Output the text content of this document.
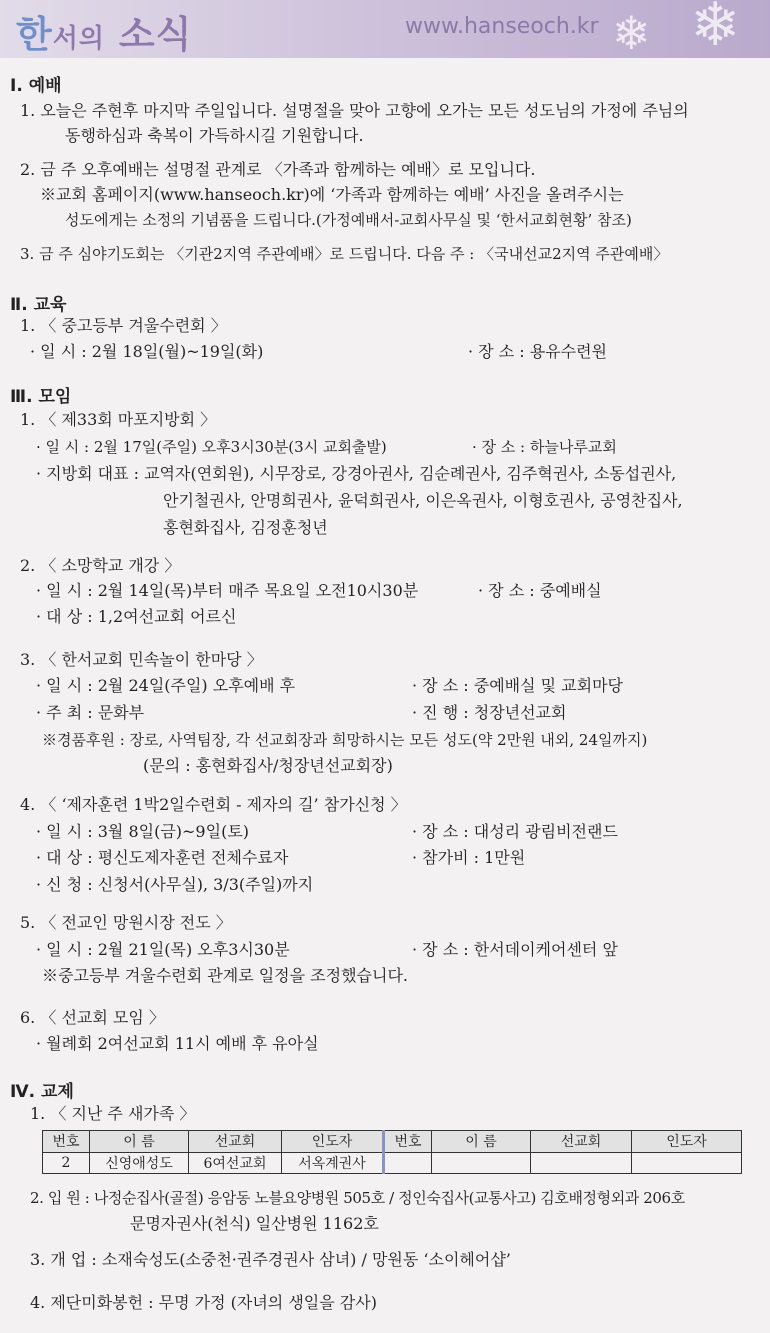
한서의 소식	www.hanseoch.kr ❄ ❄
Ⅰ. 예배
1. 오늘은 주현후 마지막 주일입니다. 설명절을 맞아 고향에 오가는 모든 성도님의 가정에 주님의
동행하심과 축복이 가득하시길 기원합니다.
2. 금 주 오후예배는 설명절 관계로 〈가족과 함께하는 예배〉로 모입니다.
※교회 홈페이지(www.hanseoch.kr)에 ‘가족과 함께하는 예배’ 사진을 올려주시는
성도에게는 소정의 기념품을 드립니다.(가정예배서-교회사무실 및 ‘한서교회현황’ 참조)
3. 금 주 심야기도회는 〈기관2지역 주관예배〉로 드립니다. 다음 주 : 〈국내선교2지역 주관예배〉
Ⅱ. 교육
1. 〈 중고등부 겨울수련회 〉
· 일 시 : 2월 18일(월)~19일(화)	· 장 소 : 용유수련원
Ⅲ. 모임
1. 〈 제33회 마포지방회 〉
· 일 시 : 2월 17일(주일) 오후3시30분(3시 교회출발)	· 장 소 : 하늘나루교회
· 지방회 대표 : 교역자(연회원), 시무장로, 강경아권사, 김순례권사, 김주혁권사, 소동섭권사,
안기철권사, 안명희권사, 윤덕희권사, 이은옥권사, 이형호권사, 공영찬집사,
홍현화집사, 김정훈청년
2. 〈 소망학교 개강 〉
· 일 시 : 2월 14일(목)부터 매주 목요일 오전10시30분	· 장 소 : 중예배실
· 대 상 : 1,2여선교회 어르신
3. 〈 한서교회 민속놀이 한마당 〉
· 일 시 : 2월 24일(주일) 오후예배 후	· 장 소 : 중예배실 및 교회마당
· 주 최 : 문화부	· 진 행 : 청장년선교회
※경품후원 : 장로, 사역팀장, 각 선교회장과 희망하시는 모든 성도(약 2만원 내외, 24일까지)
(문의 : 홍현화집사/청장년선교회장)
4. 〈 ‘제자훈련 1박2일수련회 - 제자의 길’ 참가신청 〉
· 일 시 : 3월 8일(금)~9일(토)	· 장 소 : 대성리 광림비전랜드
· 대 상 : 평신도제자훈련 전체수료자	· 참가비 : 1만원
· 신 청 : 신청서(사무실), 3/3(주일)까지
5. 〈 전교인 망원시장 전도 〉
· 일 시 : 2월 21일(목) 오후3시30분	· 장 소 : 한서데이케어센터 앞
※중고등부 겨울수련회 관계로 일정을 조정했습니다.
6. 〈 선교회 모임 〉
· 월례회 2여선교회 11시 예배 후 유아실
Ⅳ. 교제
1. 〈 지난 주 새가족 〉
번호	이 름	선교회	인도자	번호	이 름	선교회	인도자
2	신영애성도	6여선교회	서옥계권사				
2. 입 원 : 나정순집사(골절) 응암동 노블요양병원 505호 / 정인숙집사(교통사고) 김호배정형외과 206호
문명자권사(천식) 일산병원 1162호
3. 개 업 : 소재숙성도(소중천·권주경권사 삼녀) / 망원동 ‘소이헤어샵’
4. 제단미화봉헌 : 무명 가정 (자녀의 생일을 감사)
